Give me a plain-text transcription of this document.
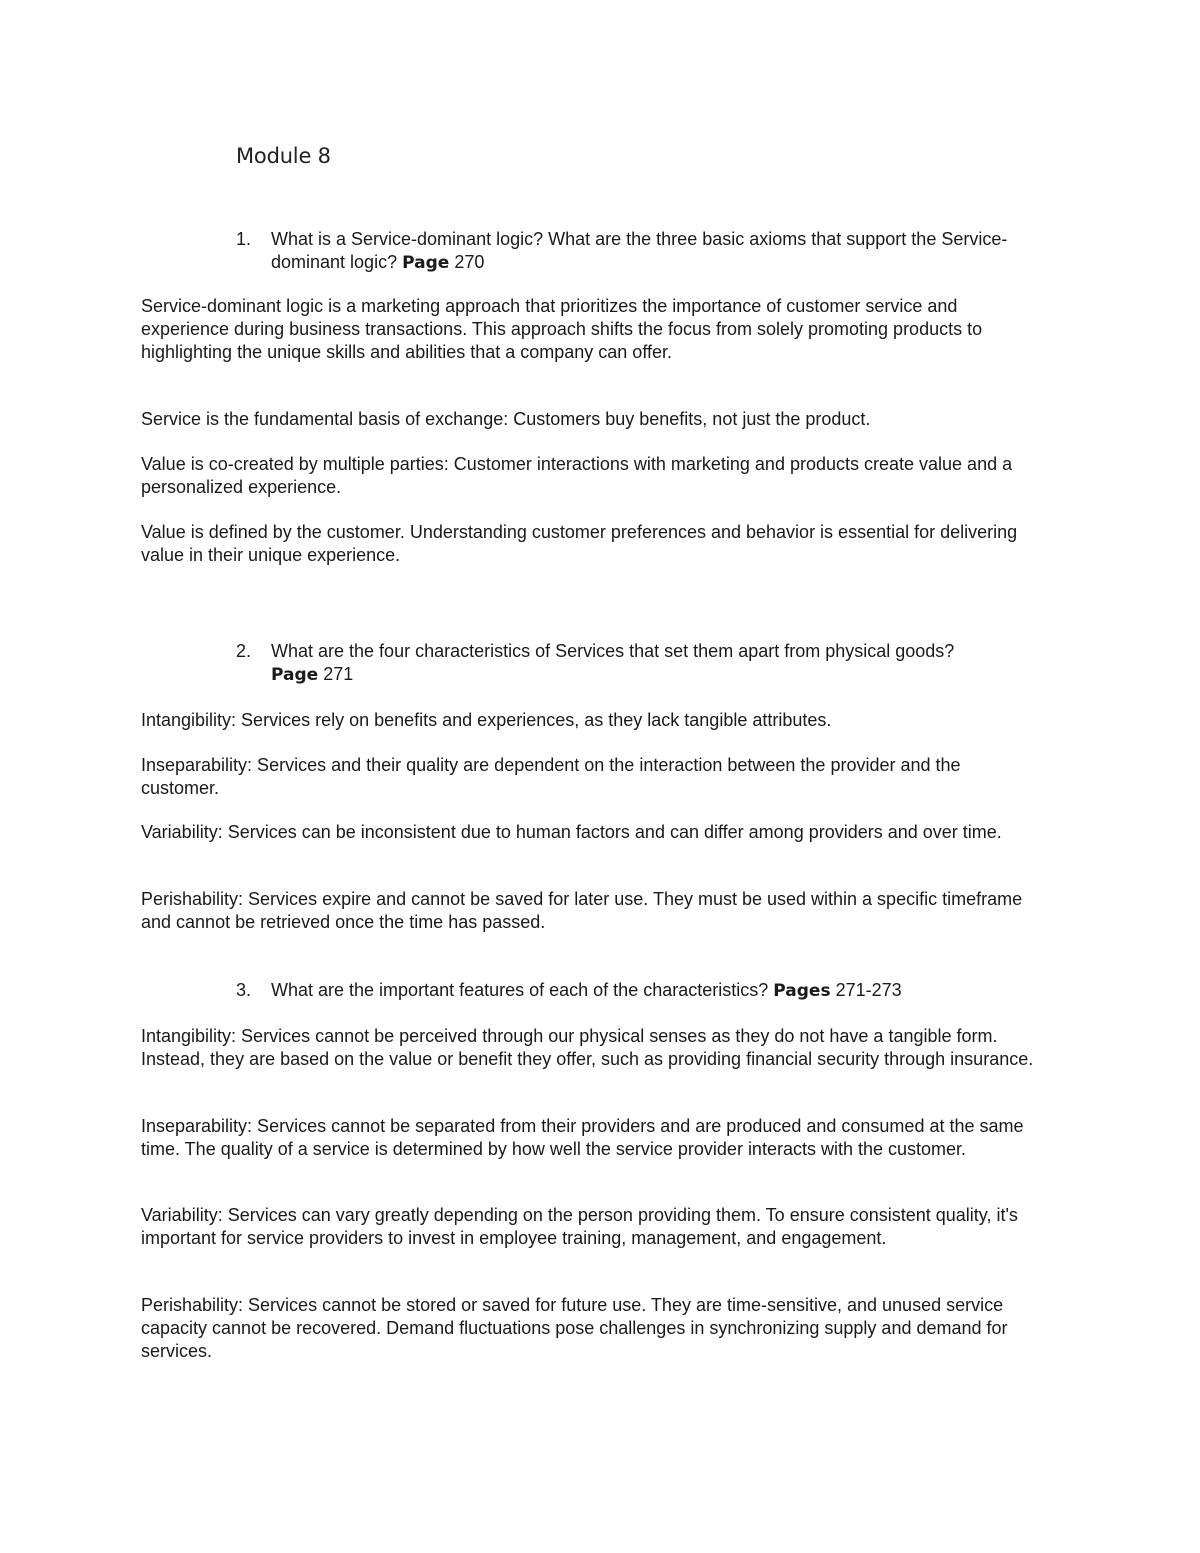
Module 8
1.	What is a Service-dominant logic? What are the three basic axioms that support the Service-dominant logic? Page 270
Service-dominant logic is a marketing approach that prioritizes the importance of customer service and experience during business transactions. This approach shifts the focus from solely promoting products to highlighting the unique skills and abilities that a company can offer.
Service is the fundamental basis of exchange: Customers buy benefits, not just the product.
Value is co-created by multiple parties: Customer interactions with marketing and products create value and a personalized experience.
Value is defined by the customer. Understanding customer preferences and behavior is essential for delivering value in their unique experience.
2.	What are the four characteristics of Services that set them apart from physical goods? Page 271
Intangibility: Services rely on benefits and experiences, as they lack tangible attributes.
Inseparability: Services and their quality are dependent on the interaction between the provider and the customer.
Variability: Services can be inconsistent due to human factors and can differ among providers and over time.
Perishability: Services expire and cannot be saved for later use. They must be used within a specific timeframe and cannot be retrieved once the time has passed.
3.	What are the important features of each of the characteristics? Pages 271-273
Intangibility: Services cannot be perceived through our physical senses as they do not have a tangible form. Instead, they are based on the value or benefit they offer, such as providing financial security through insurance.
Inseparability: Services cannot be separated from their providers and are produced and consumed at the same time. The quality of a service is determined by how well the service provider interacts with the customer.
Variability: Services can vary greatly depending on the person providing them. To ensure consistent quality, it's important for service providers to invest in employee training, management, and engagement.
Perishability: Services cannot be stored or saved for future use. They are time-sensitive, and unused service capacity cannot be recovered. Demand fluctuations pose challenges in synchronizing supply and demand for services.
